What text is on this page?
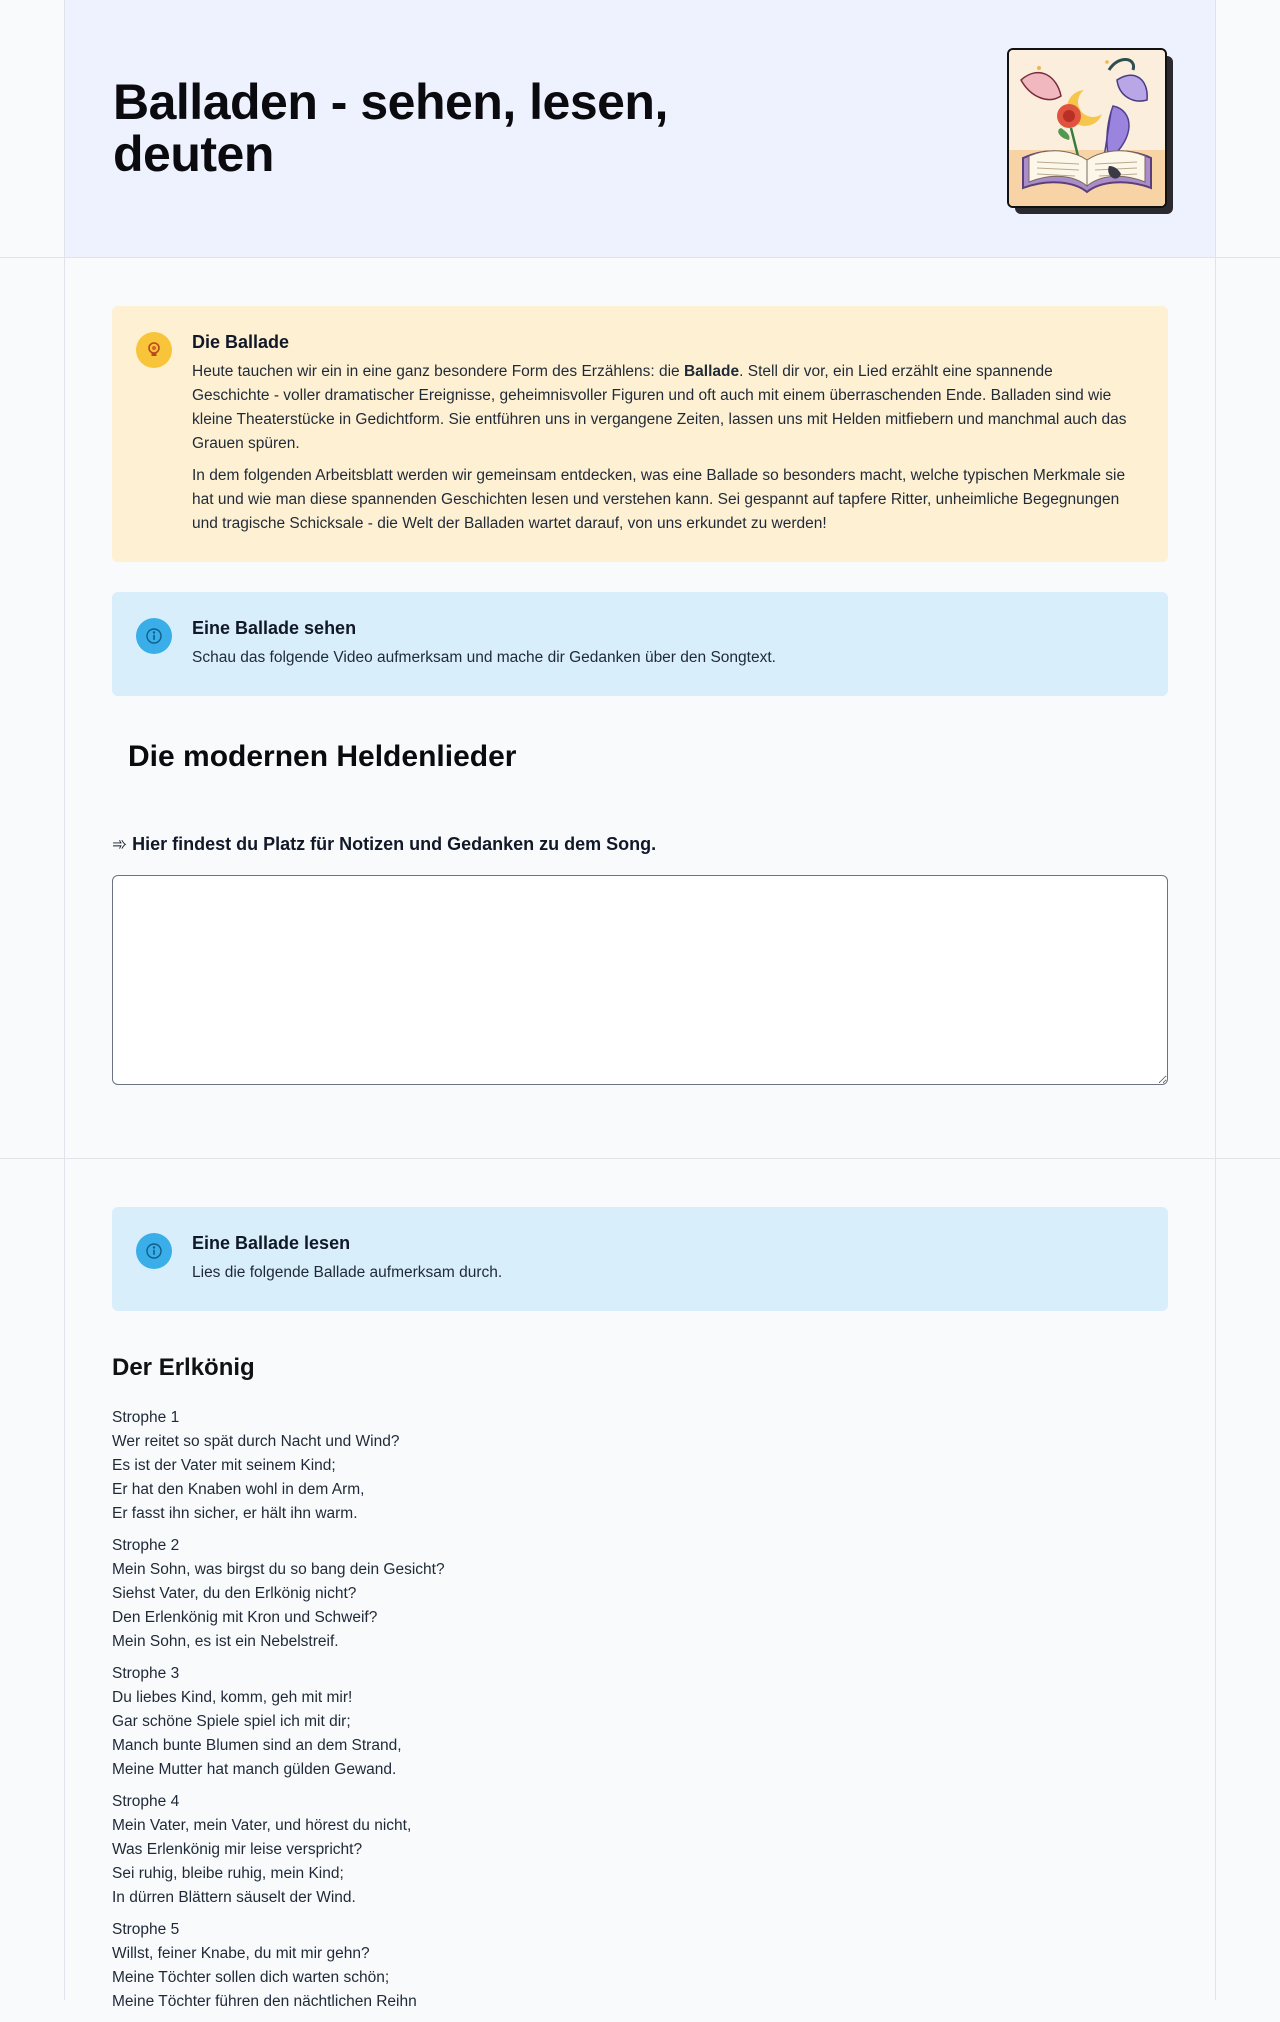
Balladen - sehen, lesen, deuten
Die Ballade

Heute tauchen wir ein in eine ganz besondere Form des Erzählens: die Ballade. Stell dir vor, ein Lied erzählt eine spannende Geschichte - voller dramatischer Ereignisse, geheimnisvoller Figuren und oft auch mit einem überraschenden Ende. Balladen sind wie kleine Theaterstücke in Gedichtform. Sie entführen uns in vergangene Zeiten, lassen uns mit Helden mitfiebern und manchmal auch das Grauen spüren.

In dem folgenden Arbeitsblatt werden wir gemeinsam entdecken, was eine Ballade so besonders macht, welche typischen Merkmale sie hat und wie man diese spannenden Geschichten lesen und verstehen kann. Sei gespannt auf tapfere Ritter, unheimliche Begegnungen und tragische Schicksale - die Welt der Balladen wartet darauf, von uns erkundet zu werden!

Eine Ballade sehen

Schau das folgende Video aufmerksam und mache dir Gedanken über den Songtext.

Die modernen Heldenlieder

➾ Hier findest du Platz für Notizen und Gedanken zu dem Song.

Eine Ballade lesen

Lies die folgende Ballade aufmerksam durch.

Der Erlkönig
Strophe 1
Wer reitet so spät durch Nacht und Wind?
Es ist der Vater mit seinem Kind;
Er hat den Knaben wohl in dem Arm,
Er fasst ihn sicher, er hält ihn warm.
Strophe 2
Mein Sohn, was birgst du so bang dein Gesicht?
Siehst Vater, du den Erlkönig nicht?
Den Erlenkönig mit Kron und Schweif?
Mein Sohn, es ist ein Nebelstreif.
Strophe 3
Du liebes Kind, komm, geh mit mir!
Gar schöne Spiele spiel ich mit dir;
Manch bunte Blumen sind an dem Strand,
Meine Mutter hat manch gülden Gewand.
Strophe 4
Mein Vater, mein Vater, und hörest du nicht,
Was Erlenkönig mir leise verspricht?
Sei ruhig, bleibe ruhig, mein Kind;
In dürren Blättern säuselt der Wind.
Strophe 5
Willst, feiner Knabe, du mit mir gehn?
Meine Töchter sollen dich warten schön;
Meine Töchter führen den nächtlichen Reihn
